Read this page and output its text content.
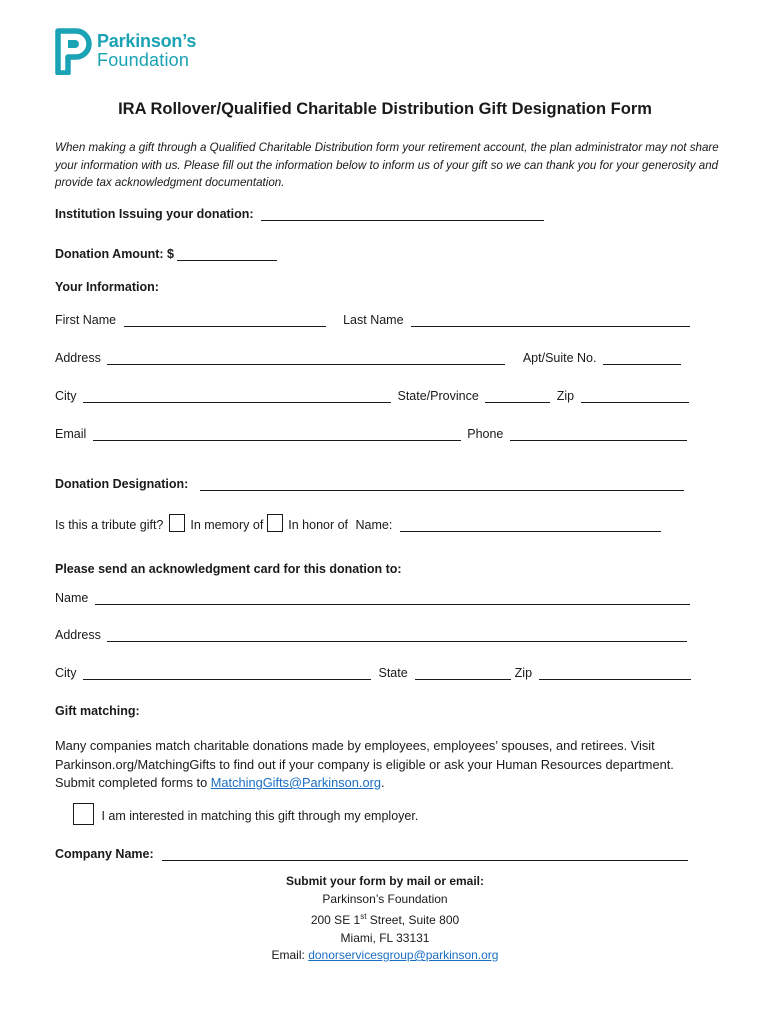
Parkinson’s
Foundation
IRA Rollover/Qualified Charitable Distribution Gift Designation Form

When making a gift through a Qualified Charitable Distribution form your retirement account, the plan administrator may not share your information with us. Please fill out the information below to inform us of your gift so we can thank you for your generosity and provide tax acknowledgment documentation.

Institution Issuing your donation:
Donation Amount: $
Your Information:
First Name	Last Name
Address	Apt/Suite No.
City	State/Province	Zip
Email	Phone
Donation Designation:
Is this a tribute gift? In memory of In honor of Name:
Please send an acknowledgment card for this donation to:
Name
Address
City	State	Zip
Gift matching:

Many companies match charitable donations made by employees, employees’ spouses, and retirees. Visit Parkinson.org/MatchingGifts to find out if your company is eligible or ask your Human Resources department. Submit completed forms to MatchingGifts@Parkinson.org.

I am interested in matching this gift through my employer.
Company Name:
Submit your form by mail or email:
Parkinson’s Foundation
200 SE 1st Street, Suite 800
Miami, FL 33131
Email: donorservicesgroup@parkinson.org
